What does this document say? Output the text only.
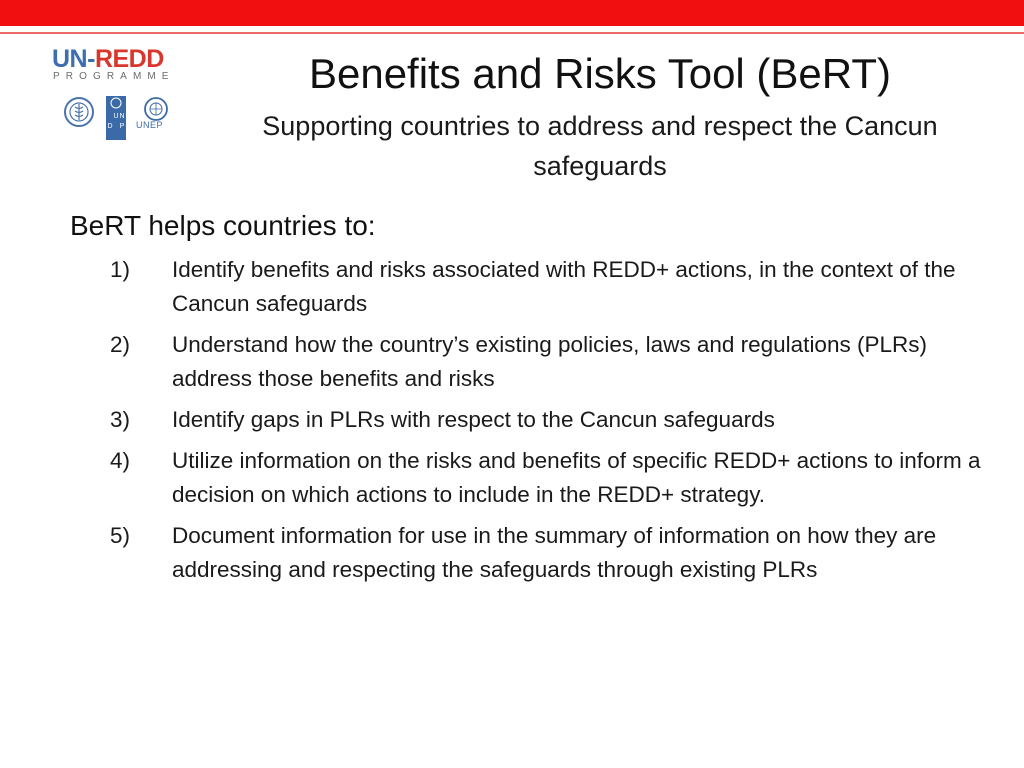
UN-REDD
PROGRAMME
U N
D P UNEP
Benefits and Risks Tool (BeRT)
Supporting countries to address and respect the Cancun safeguards
BeRT helps countries to:
1)	Identify benefits and risks associated with REDD+ actions, in the context of the Cancun safeguards
2)	Understand how the country’s existing policies, laws and regulations (PLRs) address those benefits and risks
3)	Identify gaps in PLRs with respect to the Cancun safeguards
4)	Utilize information on the risks and benefits of specific REDD+ actions to inform a decision on which actions to include in the REDD+ strategy.
5)	Document information for use in the summary of information on how they are addressing and respecting the safeguards through existing PLRs
